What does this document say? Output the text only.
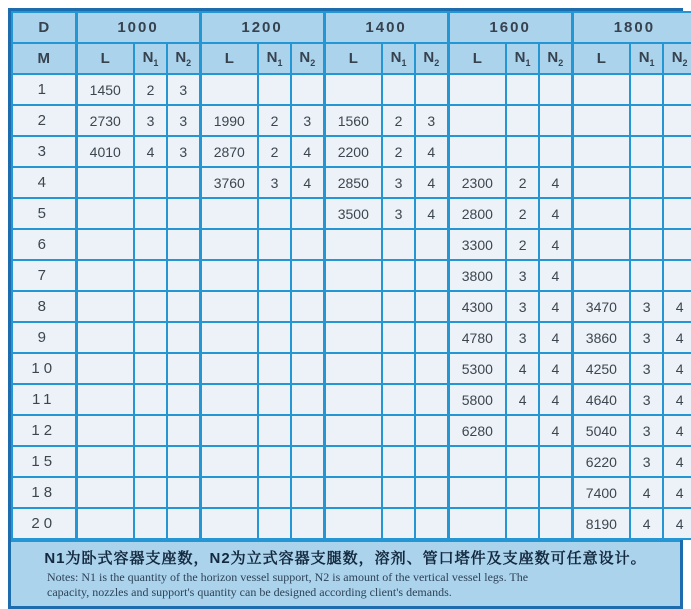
D	1000			1200			1400			1600			1800		
M	L	$N_1$	$N_2$	L	$N_1$	$N_2$	L	$N_1$	$N_2$	L	$N_1$	$N_2$	L	$N_1$	$N_2$
1	1450	2	3												
2	2730	3	3	1990	2	3	1560	2	3						
3	4010	4	3	2870	2	4	2200	2	4						
4				3760	3	4	2850	3	4	2300	2	4			
5							3500	3	4	2800	2	4			
6										3300	2	4			
7										3800	3	4			
8										4300	3	4	3470	3	4
9										4780	3	4	3860	3	4
10										5300	4	4	4250	3	4
11										5800	4	4	4640	3	4
12										6280		4	5040	3	4
15													6220	3	4
18													7400	4	4
20													8190	4	4
N1为卧式容器支座数，N2为立式容器支腿数，溶剂、管口塔件及支座数可任意设计。
Notes: N1 is the quantity of the horizon vessel support, N2 is amount of the vertical vessel legs. The
capacity, nozzles and support's quantity can be designed according client's demands.
